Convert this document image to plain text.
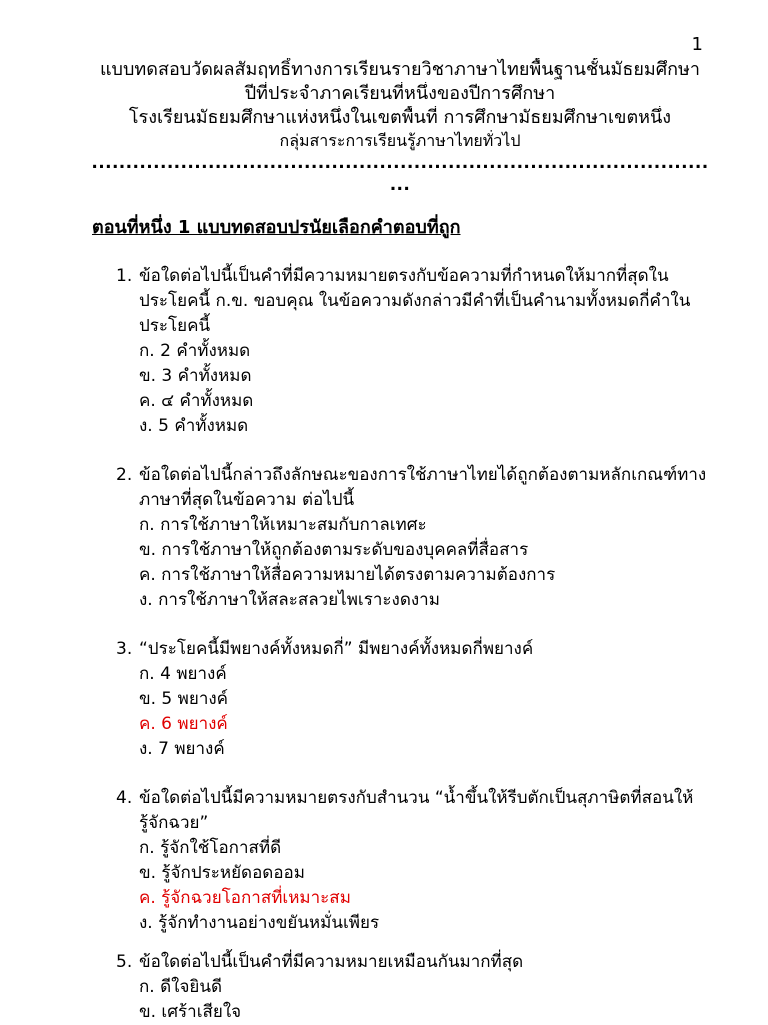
1
แบบทดสอบวัดผลสัมฤทธิ์ทางการเรียนรายวิชาภาษาไทยพื้นฐานชั้นมัธยมศึกษา
ปีที่ประจำภาคเรียนที่หนึ่งของปีการศึกษา
โรงเรียนมัธยมศึกษาแห่งหนึ่งในเขตพื้นที่ การศึกษามัธยมศึกษาเขตหนึ่ง
กลุ่มสาระการเรียนรู้ภาษาไทยทั่วไป
..........................................................................................
...
ตอนที่หนึ่ง 1 แบบทดสอบปรนัยเลือกคำตอบที่ถูก
1. ข้อใดต่อไปนี้เป็นคำที่มีความหมายตรงกับข้อความที่กำหนดให้มากที่สุดในประโยคนี้ ก.ข. ขอบคุณ ในข้อความดังกล่าวมีคำที่เป็นคำนามทั้งหมดกี่คำในประโยคนี้
ก. 2 คำทั้งหมด
ข. 3 คำทั้งหมด
ค. ๔ คำทั้งหมด
ง. 5 คำทั้งหมด
2. ข้อใดต่อไปนี้กล่าวถึงลักษณะของการใช้ภาษาไทยได้ถูกต้องตามหลักเกณฑ์ทางภาษาที่สุดในข้อความ ต่อไปนี้
ก. การใช้ภาษาให้เหมาะสมกับกาลเทศะ
ข. การใช้ภาษาให้ถูกต้องตามระดับของบุคคลที่สื่อสาร
ค. การใช้ภาษาให้สื่อความหมายได้ตรงตามความต้องการ
ง. การใช้ภาษาให้สละสลวยไพเราะงดงาม
3. “ประโยคนี้มีพยางค์ทั้งหมดกี่” มีพยางค์ทั้งหมดกี่พยางค์
ก. 4 พยางค์
ข. 5 พยางค์
ค. 6 พยางค์
ง. 7 พยางค์
4. ข้อใดต่อไปนี้มีความหมายตรงกับสำนวน “น้ำขึ้นให้รีบตักเป็นสุภาษิตที่สอนให้รู้จักฉวย”
ก. รู้จักใช้โอกาสที่ดี
ข. รู้จักประหยัดอดออม
ค. รู้จักฉวยโอกาสที่เหมาะสม
ง. รู้จักทำงานอย่างขยันหมั่นเพียร
5. ข้อใดต่อไปนี้เป็นคำที่มีความหมายเหมือนกันมากที่สุด
ก. ดีใจยินดี
ข. เศร้าเสียใจ
